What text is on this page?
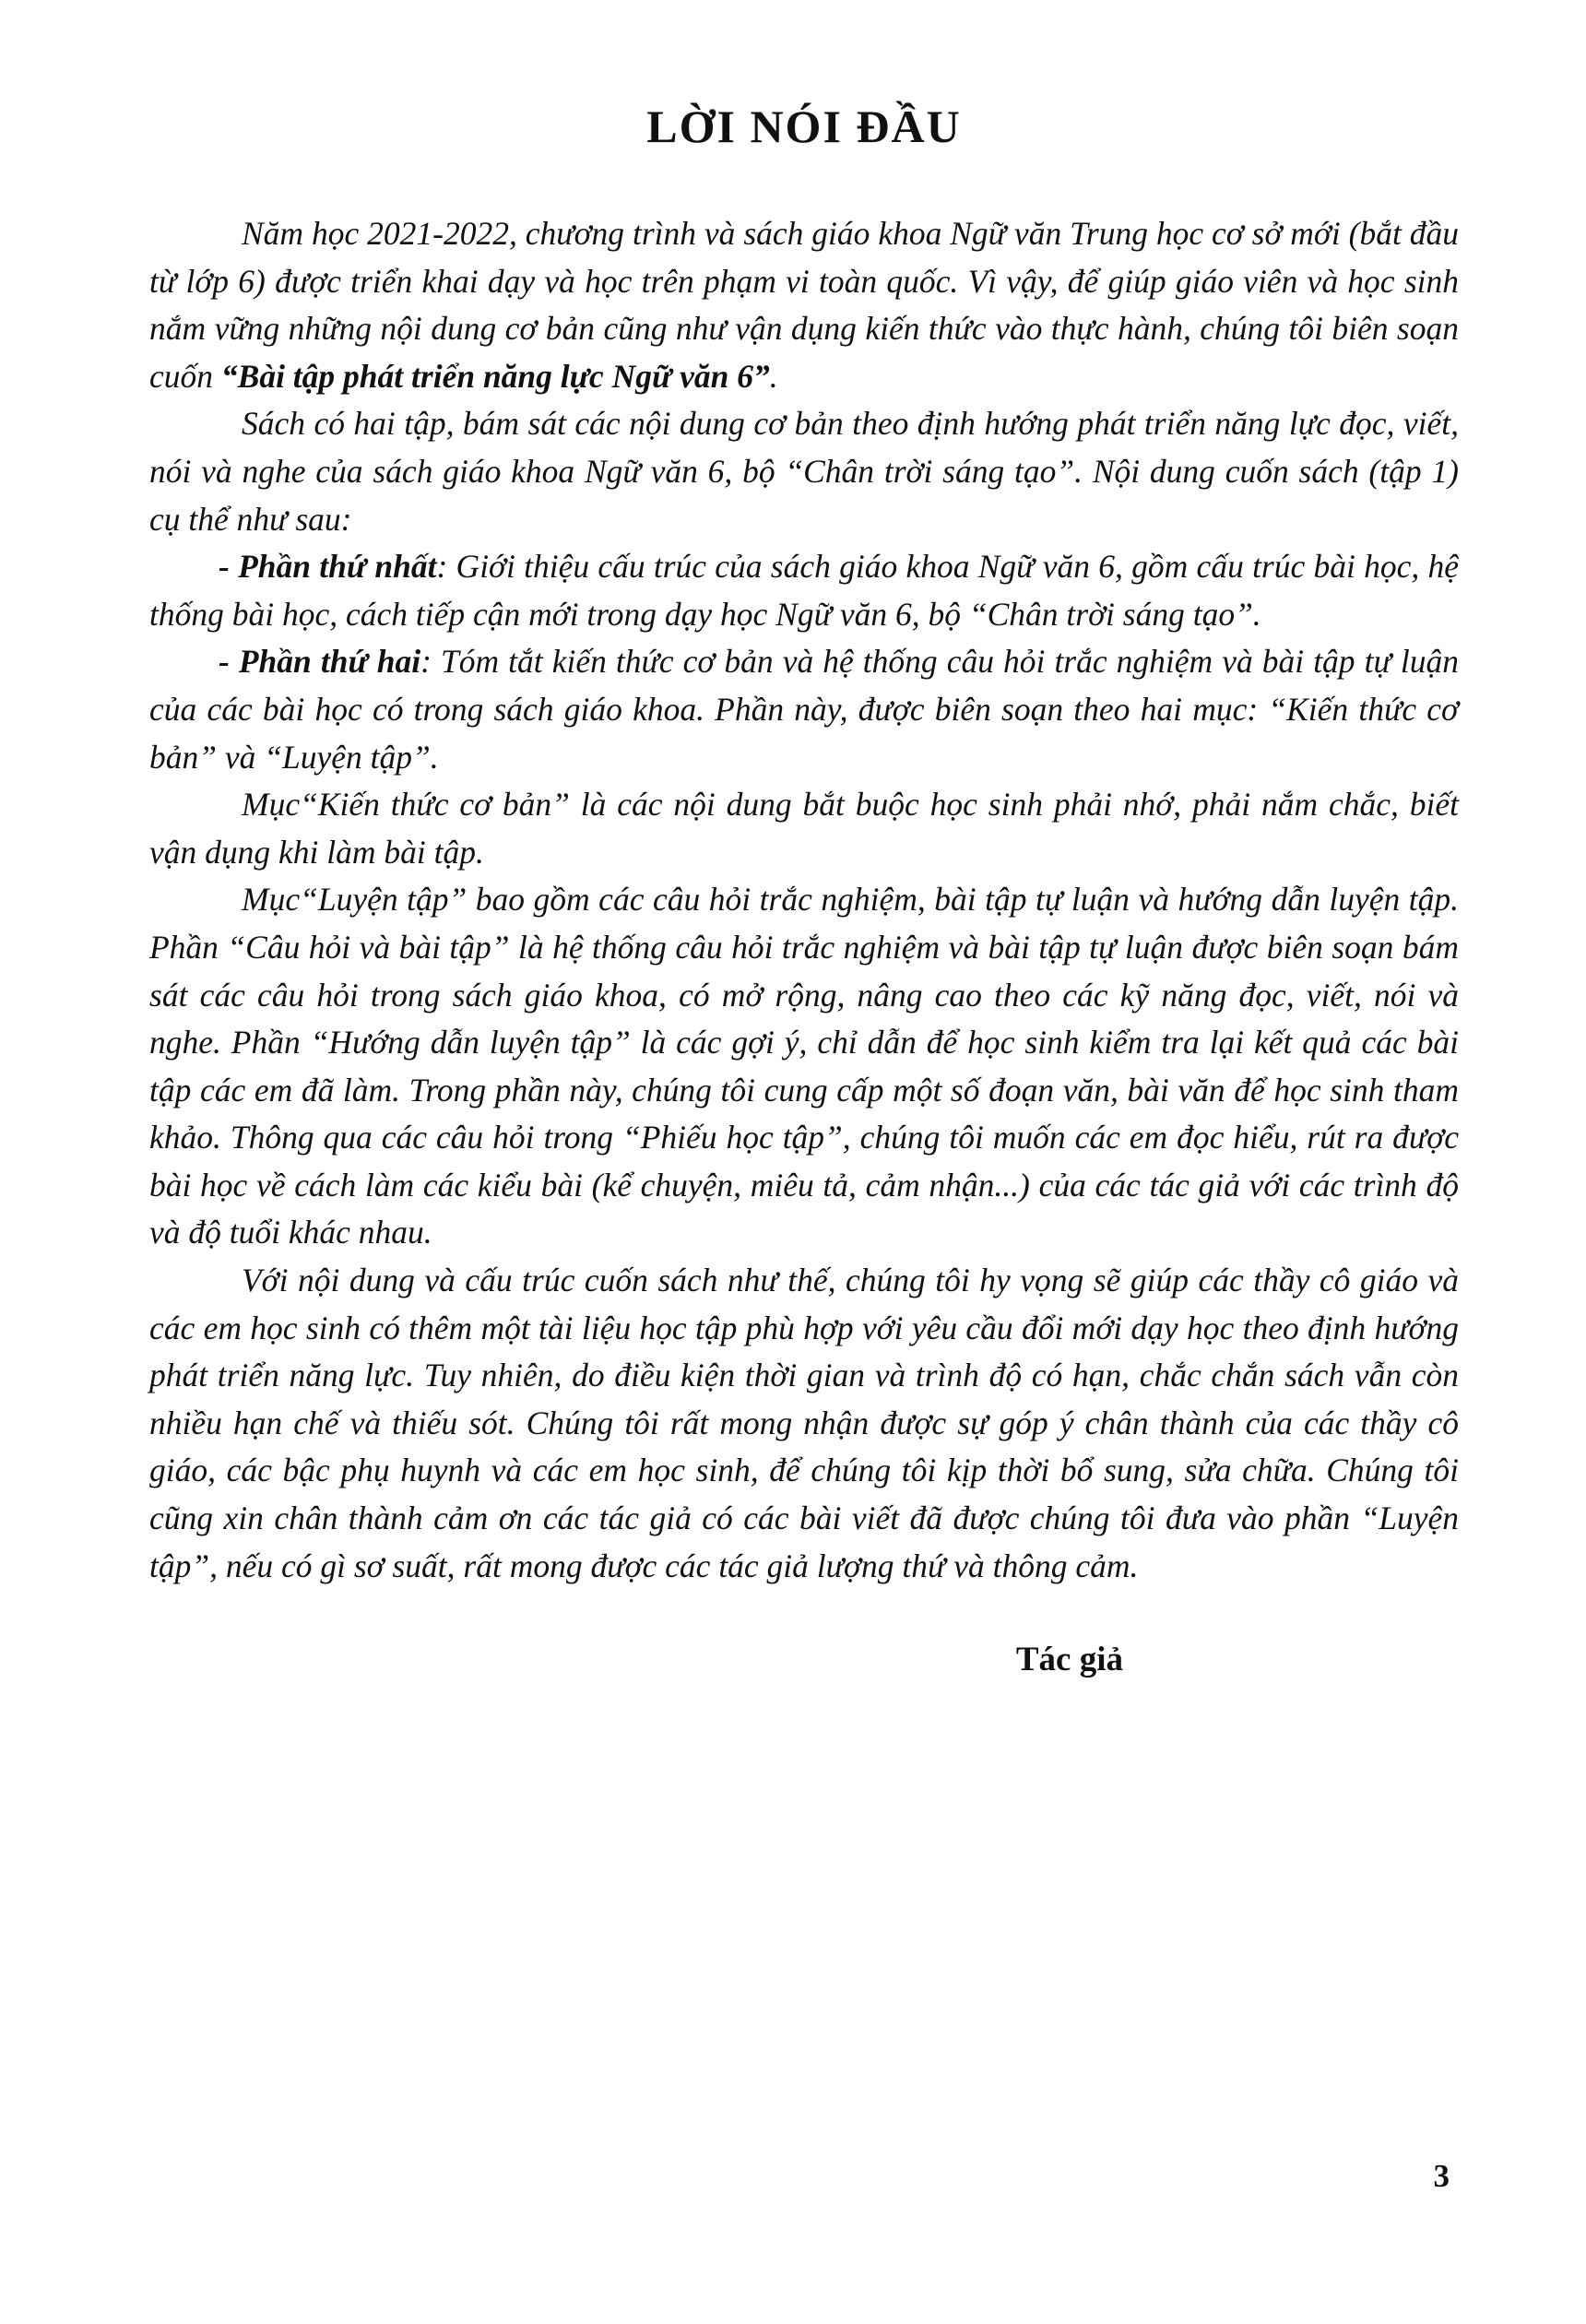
LỜI NÓI ĐẦU

Năm học 2021-2022, chương trình và sách giáo khoa Ngữ văn Trung học cơ sở mới (bắt đầu từ lớp 6) được triển khai dạy và học trên phạm vi toàn quốc. Vì vậy, để giúp giáo viên và học sinh nắm vững những nội dung cơ bản cũng như vận dụng kiến thức vào thực hành, chúng tôi biên soạn cuốn “Bài tập phát triển năng lực Ngữ văn 6”.

Sách có hai tập, bám sát các nội dung cơ bản theo định hướng phát triển năng lực đọc, viết, nói và nghe của sách giáo khoa Ngữ văn 6, bộ “Chân trời sáng tạo”. Nội dung cuốn sách (tập 1) cụ thể như sau:

- Phần thứ nhất: Giới thiệu cấu trúc của sách giáo khoa Ngữ văn 6, gồm cấu trúc bài học, hệ thống bài học, cách tiếp cận mới trong dạy học Ngữ văn 6, bộ “Chân trời sáng tạo”.

- Phần thứ hai: Tóm tắt kiến thức cơ bản và hệ thống câu hỏi trắc nghiệm và bài tập tự luận của các bài học có trong sách giáo khoa. Phần này, được biên soạn theo hai mục: “Kiến thức cơ bản” và “Luyện tập”.

Mục“Kiến thức cơ bản” là các nội dung bắt buộc học sinh phải nhớ, phải nắm chắc, biết vận dụng khi làm bài tập.

Mục“Luyện tập” bao gồm các câu hỏi trắc nghiệm, bài tập tự luận và hướng dẫn luyện tập. Phần “Câu hỏi và bài tập” là hệ thống câu hỏi trắc nghiệm và bài tập tự luận được biên soạn bám sát các câu hỏi trong sách giáo khoa, có mở rộng, nâng cao theo các kỹ năng đọc, viết, nói và nghe. Phần “Hướng dẫn luyện tập” là các gợi ý, chỉ dẫn để học sinh kiểm tra lại kết quả các bài tập các em đã làm. Trong phần này, chúng tôi cung cấp một số đoạn văn, bài văn để học sinh tham khảo. Thông qua các câu hỏi trong “Phiếu học tập”, chúng tôi muốn các em đọc hiểu, rút ra được bài học về cách làm các kiểu bài (kể chuyện, miêu tả, cảm nhận...) của các tác giả với các trình độ và độ tuổi khác nhau.

Với nội dung và cấu trúc cuốn sách như thế, chúng tôi hy vọng sẽ giúp các thầy cô giáo và các em học sinh có thêm một tài liệu học tập phù hợp với yêu cầu đổi mới dạy học theo định hướng phát triển năng lực. Tuy nhiên, do điều kiện thời gian và trình độ có hạn, chắc chắn sách vẫn còn nhiều hạn chế và thiếu sót. Chúng tôi rất mong nhận được sự góp ý chân thành của các thầy cô giáo, các bậc phụ huynh và các em học sinh, để chúng tôi kịp thời bổ sung, sửa chữa. Chúng tôi cũng xin chân thành cảm ơn các tác giả có các bài viết đã được chúng tôi đưa vào phần “Luyện tập”, nếu có gì sơ suất, rất mong được các tác giả lượng thứ và thông cảm.

Tác giả
3
